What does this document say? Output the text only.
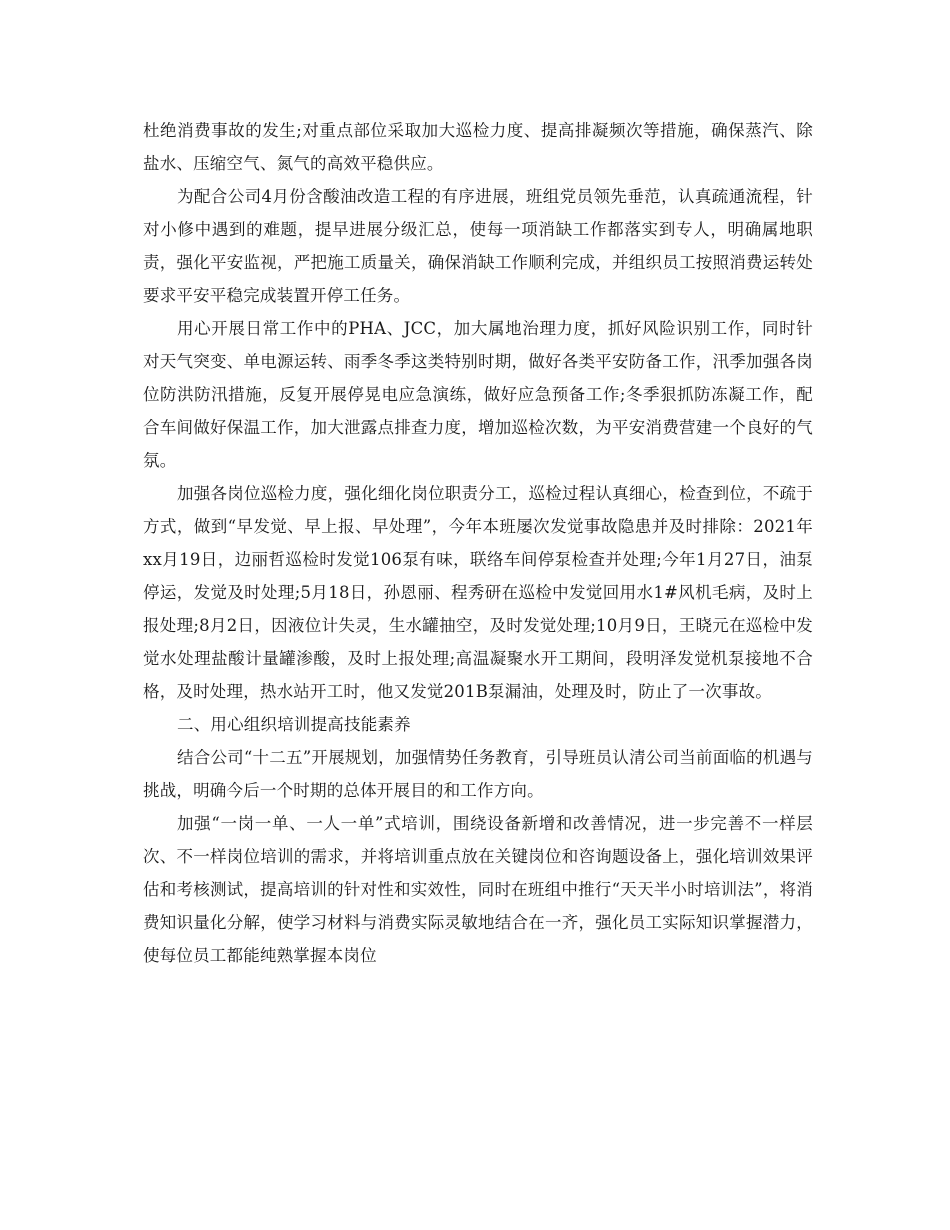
杜绝消费事故的发生;对重点部位采取加大巡检力度、提高排凝频次等措施，确保蒸汽、除盐水、压缩空气、氮气的高效平稳供应。

为配合公司4月份含酸油改造工程的有序进展，班组党员领先垂范，认真疏通流程，针对小修中遇到的难题，提早进展分级汇总，使每一项消缺工作都落实到专人，明确属地职责，强化平安监视，严把施工质量关，确保消缺工作顺利完成，并组织员工按照消费运转处要求平安平稳完成装置开停工任务。

用心开展日常工作中的PHA、JCC，加大属地治理力度，抓好风险识别工作，同时针对天气突变、单电源运转、雨季冬季这类特别时期，做好各类平安防备工作，汛季加强各岗位防洪防汛措施，反复开展停晃电应急演练，做好应急预备工作;冬季狠抓防冻凝工作，配合车间做好保温工作，加大泄露点排查力度，增加巡检次数，为平安消费营建一个良好的气氛。

加强各岗位巡检力度，强化细化岗位职责分工，巡检过程认真细心，检查到位，不疏于方式，做到“早发觉、早上报、早处理”，今年本班屡次发觉事故隐患并及时排除：2021年xx月19日，边丽哲巡检时发觉106泵有味，联络车间停泵检查并处理;今年1月27日，油泵停运，发觉及时处理;5月18日，孙恩丽、程秀研在巡检中发觉回用水1#风机毛病，及时上报处理;8月2日，因液位计失灵，生水罐抽空，及时发觉处理;10月9日，王晓元在巡检中发觉水处理盐酸计量罐渗酸，及时上报处理;高温凝聚水开工期间，段明泽发觉机泵接地不合格，及时处理，热水站开工时，他又发觉201B泵漏油，处理及时，防止了一次事故。

二、用心组织培训提高技能素养

结合公司“十二五”开展规划，加强情势任务教育，引导班员认清公司当前面临的机遇与挑战，明确今后一个时期的总体开展目的和工作方向。

加强“一岗一单、一人一单”式培训，围绕设备新增和改善情况，进一步完善不一样层次、不一样岗位培训的需求，并将培训重点放在关键岗位和咨询题设备上，强化培训效果评估和考核测试，提高培训的针对性和实效性，同时在班组中推行“天天半小时培训法”，将消费知识量化分解，使学习材料与消费实际灵敏地结合在一齐，强化员工实际知识掌握潜力，使每位员工都能纯熟掌握本岗位
